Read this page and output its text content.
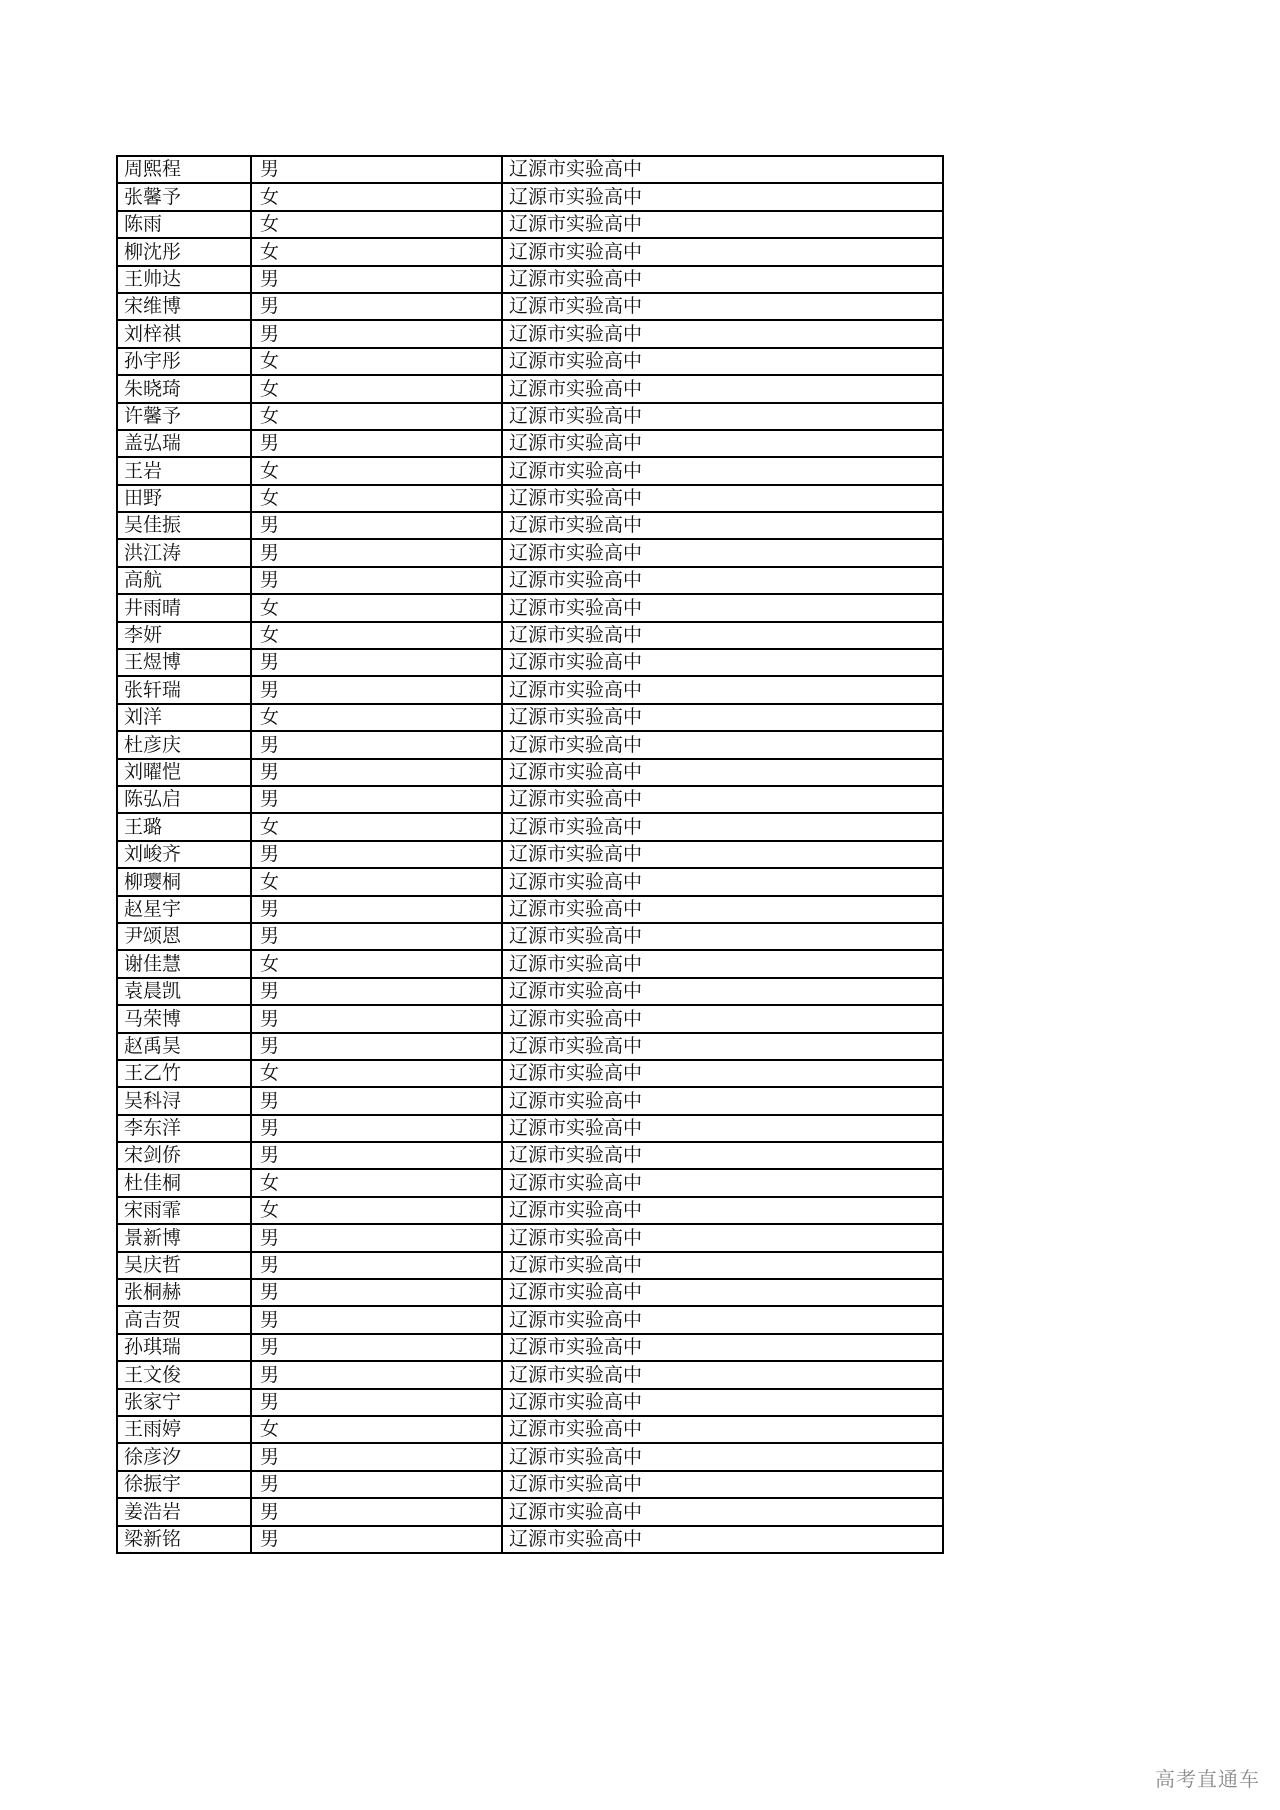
周熙程	男	辽源市实验高中
张馨予	女	辽源市实验高中
陈雨	女	辽源市实验高中
柳沈彤	女	辽源市实验高中
王帅达	男	辽源市实验高中
宋维博	男	辽源市实验高中
刘梓祺	男	辽源市实验高中
孙宇彤	女	辽源市实验高中
朱晓琦	女	辽源市实验高中
许馨予	女	辽源市实验高中
盖弘瑞	男	辽源市实验高中
王岩	女	辽源市实验高中
田野	女	辽源市实验高中
吴佳振	男	辽源市实验高中
洪江涛	男	辽源市实验高中
高航	男	辽源市实验高中
井雨晴	女	辽源市实验高中
李妍	女	辽源市实验高中
王煜博	男	辽源市实验高中
张轩瑞	男	辽源市实验高中
刘洋	女	辽源市实验高中
杜彦庆	男	辽源市实验高中
刘曜恺	男	辽源市实验高中
陈弘启	男	辽源市实验高中
王璐	女	辽源市实验高中
刘峻齐	男	辽源市实验高中
柳璎桐	女	辽源市实验高中
赵星宇	男	辽源市实验高中
尹颂恩	男	辽源市实验高中
谢佳慧	女	辽源市实验高中
袁晨凯	男	辽源市实验高中
马荣博	男	辽源市实验高中
赵禹昊	男	辽源市实验高中
王乙竹	女	辽源市实验高中
吴科浔	男	辽源市实验高中
李东洋	男	辽源市实验高中
宋剑侨	男	辽源市实验高中
杜佳桐	女	辽源市实验高中
宋雨霏	女	辽源市实验高中
景新博	男	辽源市实验高中
吴庆哲	男	辽源市实验高中
张桐赫	男	辽源市实验高中
高吉贺	男	辽源市实验高中
孙琪瑞	男	辽源市实验高中
王文俊	男	辽源市实验高中
张家宁	男	辽源市实验高中
王雨婷	女	辽源市实验高中
徐彦汐	男	辽源市实验高中
徐振宇	男	辽源市实验高中
姜浩岩	男	辽源市实验高中
梁新铭	男	辽源市实验高中
高考直通车
